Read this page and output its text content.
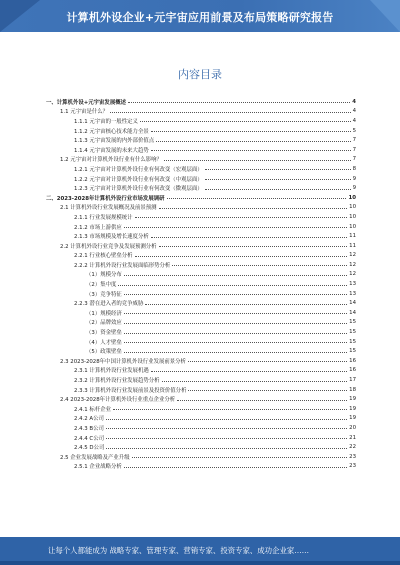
计算机外设企业+元宇宙应用前景及布局策略研究报告
内容目录
一、计算机外设+元宇宙发展概述	4
1.1 元宇宙是什么？	4
1.1.1 元宇宙的一般性定义	4
1.1.2 元宇宙核心技术能力全景	5
1.1.3 元宇宙发展的内外部价值点	7
1.1.4 元宇宙发展的未来大趋势	7
1.2 元宇宙对计算机外设行业有什么影响？	7
1.2.1 元宇宙对计算机外设行业有何改变（宏观层面）	8
1.2.2 元宇宙对计算机外设行业有何改变（中观层面）	9
1.2.3 元宇宙对计算机外设行业有何改变（微观层面）	9
二、2023-2028年计算机外设行业市场发展调研	10
2.1 计算机外设行业发展概况及前景预测	10
2.1.1 行业发展规模统计	10
2.1.2 市场上游供应	10
2.1.3 市场规模及增长速度分析	11
2.2 计算机外设行业竞争及发展预测分析	11
2.2.1 行业核心壁垒分析	12
2.2.2 计算机外设行业发展面临形势分析	12
（1）规模分布	12
（2）集中度	13
（3）竞争特征	13
2.2.3 潜在进入者的竞争威胁	14
（1）规模经济	14
（2）品牌效应	15
（3）资金壁垒	15
（4）人才壁垒	15
（5）政策壁垒	15
2.3 2023-2028年中国计算机外设行业发展前景分析	16
2.3.1 计算机外设行业发展机遇	16
2.3.2 计算机外设行业发展趋势分析	17
2.3.3 计算机外设行业发展前景及投资价值分析	18
2.4 2023-2028年计算机外设行业重点企业分析	19
2.4.1 标杆企业	19
2.4.2 A公司	19
2.4.3 B公司	20
2.4.4 C公司	21
2.4.5 D公司	22
2.5 企业发展战略及产业升级	23
2.5.1 企业战略分析	23
让每个人都能成为 战略专家、管理专家、营销专家、投资专家、成功企业家……
